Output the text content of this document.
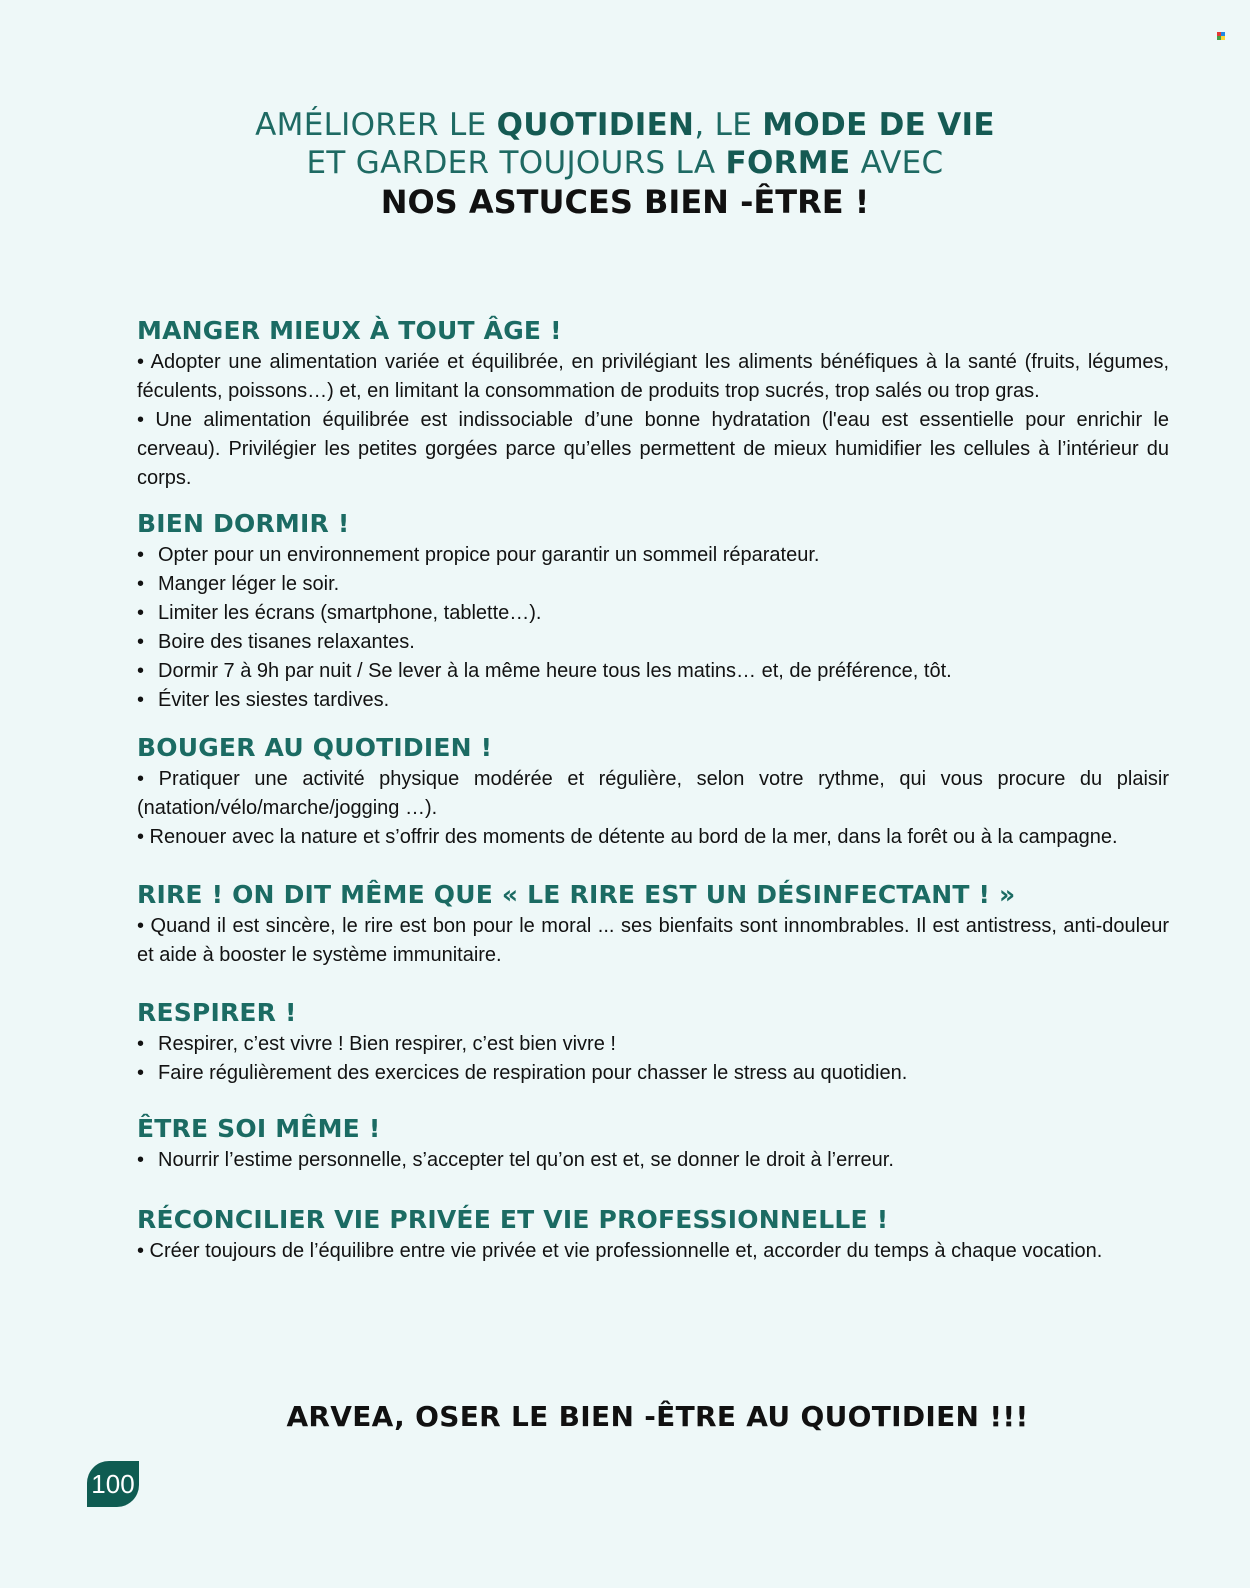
AMÉLIORER LE QUOTIDIEN, LE MODE DE VIE
ET GARDER TOUJOURS LA FORME AVEC
NOS ASTUCES BIEN -ÊTRE !
MANGER MIEUX À TOUT ÂGE !

• Adopter une alimentation variée et équilibrée, en privilégiant les aliments bénéfiques à la santé (fruits, légumes, féculents, poissons…) et, en limitant la consommation de produits trop sucrés, trop salés ou trop gras.

• Une alimentation équilibrée est indissociable d’une bonne hydratation (l'eau est essentielle pour enrichir le cerveau). Privilégier les petites gorgées parce qu’elles permettent de mieux humidifier les cellules à l’intérieur du corps.

BIEN DORMIR !
• Opter pour un environnement propice pour garantir un sommeil réparateur.
• Manger léger le soir.
• Limiter les écrans (smartphone, tablette…).
• Boire des tisanes relaxantes.
• Dormir 7 à 9h par nuit / Se lever à la même heure tous les matins… et, de préférence, tôt.
• Éviter les siestes tardives.
BOUGER AU QUOTIDIEN !

• Pratiquer une activité physique modérée et régulière, selon votre rythme, qui vous procure du plaisir (natation/vélo/marche/jogging …).

• Renouer avec la nature et s’offrir des moments de détente au bord de la mer, dans la forêt ou à la campagne.

RIRE ! ON DIT MÊME QUE « LE RIRE EST UN DÉSINFECTANT ! »

• Quand il est sincère, le rire est bon pour le moral ... ses bienfaits sont innombrables. Il est antistress, anti-douleur et aide à booster le système immunitaire.

RESPIRER !
• Respirer, c’est vivre ! Bien respirer, c’est bien vivre !
• Faire régulièrement des exercices de respiration pour chasser le stress au quotidien.
ÊTRE SOI MÊME !
• Nourrir l’estime personnelle, s’accepter tel qu’on est et, se donner le droit à l’erreur.
RÉCONCILIER VIE PRIVÉE ET VIE PROFESSIONNELLE !

• Créer toujours de l’équilibre entre vie privée et vie professionnelle et, accorder du temps à chaque vocation.

ARVEA, OSER LE BIEN -ÊTRE AU QUOTIDIEN !!!
100
